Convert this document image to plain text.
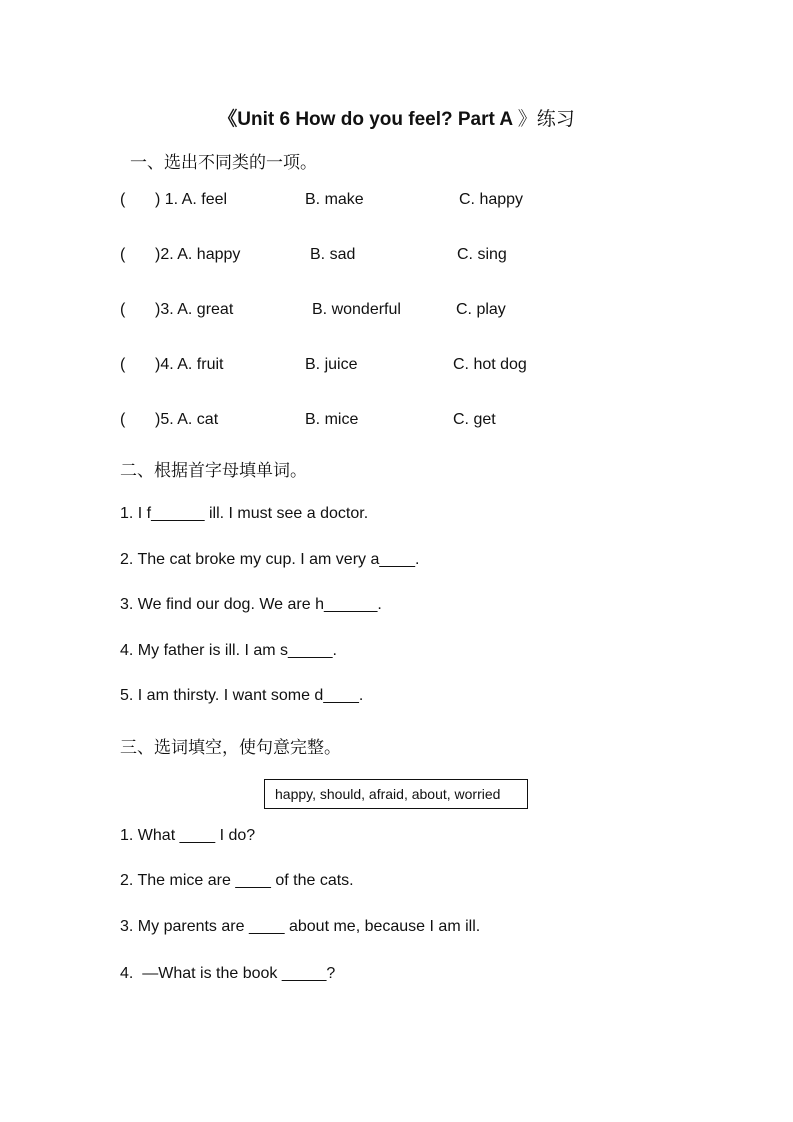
《Unit 6 How do you feel? Part A 》练习
一、选出不同类的一项。
( ) 1. A. feel	B. make	C. happy
( )2. A. happy	B. sad	C. sing
( )3. A. great	B. wonderful	C. play
( )4. A. fruit	B. juice	C. hot dog
( )5. A. cat	B. mice	C. get
二、根据首字母填单词。
1. I f______ ill. I must see a doctor.
2. The cat broke my cup. I am very a____.
3. We find our dog. We are h______.
4. My father is ill. I am s_____.
5. I am thirsty. I want some d____.
三、选词填空，使句意完整。
happy, should, afraid, about, worried
1. What ____ I do?
2. The mice are ____ of the cats.
3. My parents are ____ about me, because I am ill.
4.  —What is the book _____?
